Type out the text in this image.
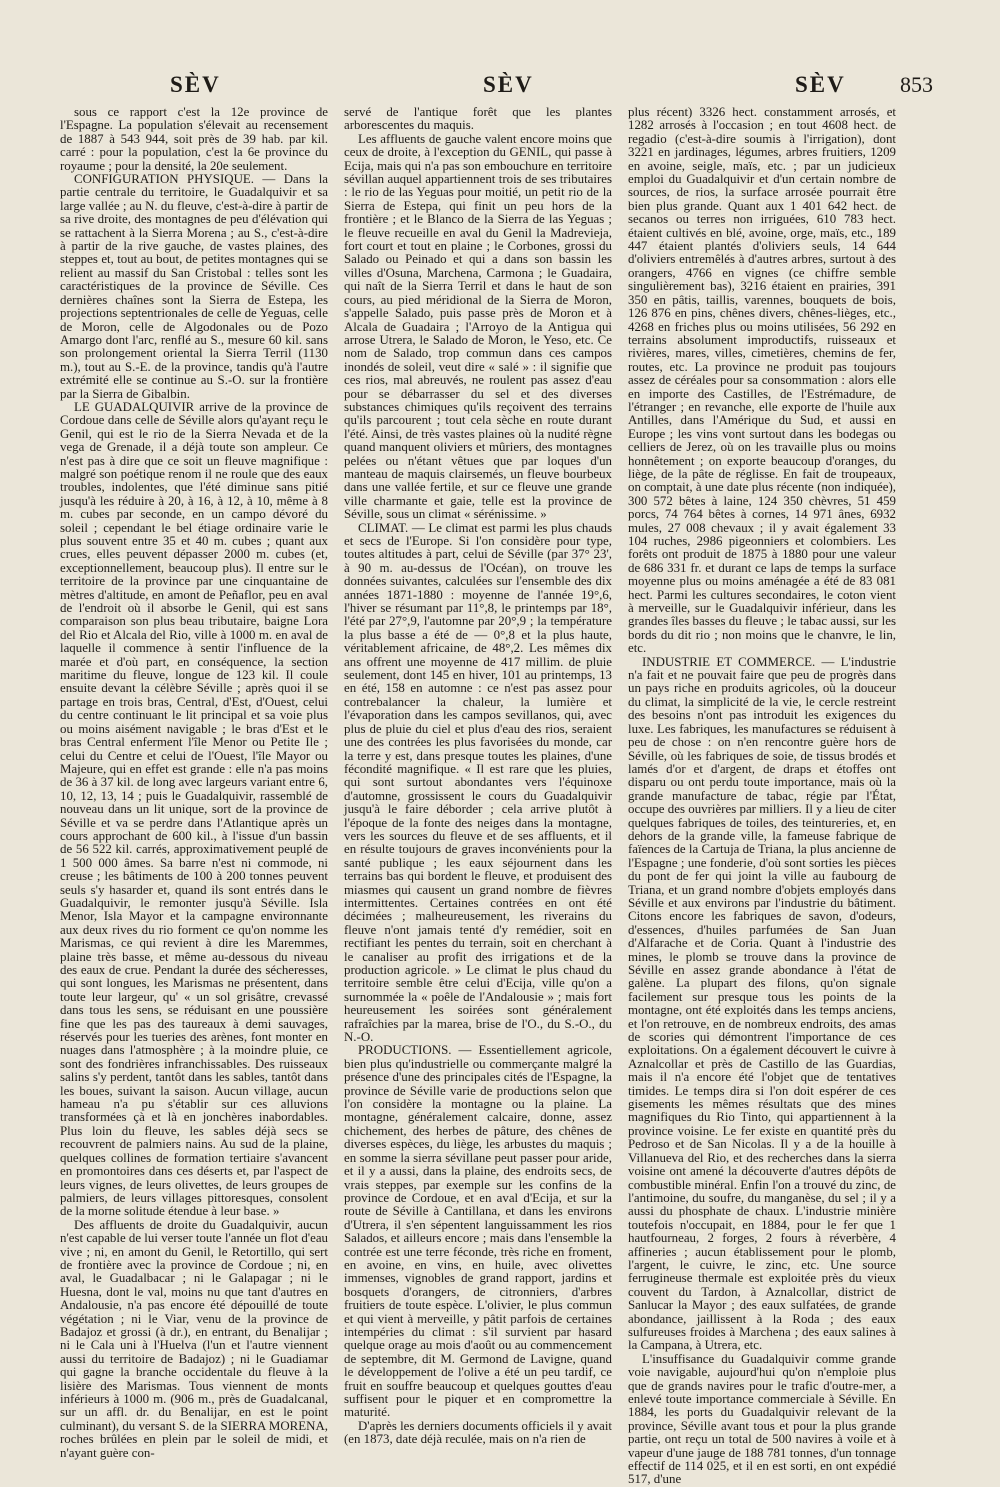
SÈV	SÈV	SÈV 853

sous ce rapport c'est la 12e province de l'Espagne. La population s'élevait au recensement de 1887 à 543 944, soit près de 39 hab. par kil. carré : pour la population, c'est la 6e province du royaume ; pour la densité, la 20e seulement.

CONFIGURATION PHYSIQUE. — Dans la partie centrale du territoire, le Guadalquivir et sa large vallée ; au N. du fleuve, c'est-à-dire à partir de sa rive droite, des montagnes de peu d'élévation qui se rattachent à la Sierra Morena ; au S., c'est-à-dire à partir de la rive gauche, de vastes plaines, des steppes et, tout au bout, de petites montagnes qui se relient au massif du San Cristobal : telles sont les caractéristiques de la province de Séville. Ces dernières chaînes sont la Sierra de Estepa, les projections septentrionales de celle de Yeguas, celle de Moron, celle de Algodonales ou de Pozo Amargo dont l'arc, renflé au S., mesure 60 kil. sans son prolongement oriental la Sierra Terril (1130 m.), tout au S.-E. de la province, tandis qu'à l'autre extrémité elle se continue au S.-O. sur la frontière par la Sierra de Gibalbin.

LE GUADALQUIVIR arrive de la province de Cordoue dans celle de Séville alors qu'ayant reçu le Genil, qui est le rio de la Sierra Nevada et de la vega de Grenade, il a déjà toute son ampleur. Ce n'est pas à dire que ce soit un fleuve magnifique : malgré son poétique renom il ne roule que des eaux troubles, indolentes, que l'été diminue sans pitié jusqu'à les réduire à 20, à 16, à 12, à 10, même à 8 m. cubes par seconde, en un campo dévoré du soleil ; cependant le bel étiage ordinaire varie le plus souvent entre 35 et 40 m. cubes ; quant aux crues, elles peuvent dépasser 2000 m. cubes (et, exceptionnellement, beaucoup plus). Il entre sur le territoire de la province par une cinquantaine de mètres d'altitude, en amont de Peñaflor, peu en aval de l'endroit où il absorbe le Genil, qui est sans comparaison son plus beau tributaire, baigne Lora del Rio et Alcala del Rio, ville à 1000 m. en aval de laquelle il commence à sentir l'influence de la marée et d'où part, en conséquence, la section maritime du fleuve, longue de 123 kil. Il coule ensuite devant la célèbre Séville ; après quoi il se partage en trois bras, Central, d'Est, d'Ouest, celui du centre continuant le lit principal et sa voie plus ou moins aisément navigable ; le bras d'Est et le bras Central enferment l'île Menor ou Petite Ile ; celui du Centre et celui de l'Ouest, l'île Mayor ou Majeure, qui en effet est grande : elle n'a pas moins de 36 à 37 kil. de long avec largeurs variant entre 6, 10, 12, 13, 14 ; puis le Guadalquivir, rassemblé de nouveau dans un lit unique, sort de la province de Séville et va se perdre dans l'Atlantique après un cours approchant de 600 kil., à l'issue d'un bassin de 56 522 kil. carrés, approximativement peuplé de 1 500 000 âmes. Sa barre n'est ni commode, ni creuse ; les bâtiments de 100 à 200 tonnes peuvent seuls s'y hasarder et, quand ils sont entrés dans le Guadalquivir, le remonter jusqu'à Séville. Isla Menor, Isla Mayor et la campagne environnante aux deux rives du rio forment ce qu'on nomme les Marismas, ce qui revient à dire les Maremmes, plaine très basse, et même au-dessous du niveau des eaux de crue. Pendant la durée des sécheresses, qui sont longues, les Marismas ne présentent, dans toute leur largeur, qu' « un sol grisâtre, crevassé dans tous les sens, se réduisant en une poussière fine que les pas des taureaux à demi sauvages, réservés pour les tueries des arènes, font monter en nuages dans l'atmosphère ; à la moindre pluie, ce sont des fondrières infranchissables. Des ruisseaux salins s'y perdent, tantôt dans les sables, tantôt dans les boues, suivant la saison. Aucun village, aucun hameau n'a pu s'établir sur ces alluvions transformées çà et là en jonchères inabordables. Plus loin du fleuve, les sables déjà secs se recouvrent de palmiers nains. Au sud de la plaine, quelques collines de formation tertiaire s'avancent en promontoires dans ces déserts et, par l'aspect de leurs vignes, de leurs olivettes, de leurs groupes de palmiers, de leurs villages pittoresques, consolent de la morne solitude étendue à leur base. »

Des affluents de droite du Guadalquivir, aucun n'est capable de lui verser toute l'année un flot d'eau vive ; ni, en amont du Genil, le Retortillo, qui sert de frontière avec la province de Cordoue ; ni, en aval, le Guadalbacar ; ni le Galapagar ; ni le Huesna, dont le val, moins nu que tant d'autres en Andalousie, n'a pas encore été dépouillé de toute végétation ; ni le Viar, venu de la province de Badajoz et grossi (à dr.), en entrant, du Benalijar ; ni le Cala uni à l'Huelva (l'un et l'autre viennent aussi du territoire de Badajoz) ; ni le Guadiamar qui gagne la branche occidentale du fleuve à la lisière des Marismas. Tous viennent de monts inférieurs à 1000 m. (906 m., près de Guadalcanal, sur un affl. dr. du Benalijar, en est le point culminant), du versant S. de la SIERRA MORENA, roches brûlées en plein par le soleil de midi, et n'ayant guère con-

servé de l'antique forêt que les plantes arborescentes du maquis.

Les affluents de gauche valent encore moins que ceux de droite, à l'exception du GENIL, qui passe à Ecija, mais qui n'a pas son embouchure en territoire sévillan auquel appartiennent trois de ses tributaires : le rio de las Yeguas pour moitié, un petit rio de la Sierra de Estepa, qui finit un peu hors de la frontière ; et le Blanco de la Sierra de las Yeguas ; le fleuve recueille en aval du Genil la Madrevieja, fort court et tout en plaine ; le Corbones, grossi du Salado ou Peinado et qui a dans son bassin les villes d'Osuna, Marchena, Carmona ; le Guadaira, qui naît de la Sierra Terril et dans le haut de son cours, au pied méridional de la Sierra de Moron, s'appelle Salado, puis passe près de Moron et à Alcala de Guadaira ; l'Arroyo de la Antigua qui arrose Utrera, le Salado de Moron, le Yeso, etc. Ce nom de Salado, trop commun dans ces campos inondés de soleil, veut dire « salé » : il signifie que ces rios, mal abreuvés, ne roulent pas assez d'eau pour se débarrasser du sel et des diverses substances chimiques qu'ils reçoivent des terrains qu'ils parcourent ; tout cela sèche en route durant l'été. Ainsi, de très vastes plaines où la nudité règne quand manquent oliviers et mûriers, des montagnes pelées ou n'étant vêtues que par loques d'un manteau de maquis clairsemés, un fleuve bourbeux dans une vallée fertile, et sur ce fleuve une grande ville charmante et gaie, telle est la province de Séville, sous un climat « sérénissime. »

CLIMAT. — Le climat est parmi les plus chauds et secs de l'Europe. Si l'on considère pour type, toutes altitudes à part, celui de Séville (par 37° 23', à 90 m. au-dessus de l'Océan), on trouve les données suivantes, calculées sur l'ensemble des dix années 1871-1880 : moyenne de l'année 19°,6, l'hiver se résumant par 11°,8, le printemps par 18°, l'été par 27°,9, l'automne par 20°,9 ; la température la plus basse a été de — 0°,8 et la plus haute, véritablement africaine, de 48°,2. Les mêmes dix ans offrent une moyenne de 417 millim. de pluie seulement, dont 145 en hiver, 101 au printemps, 13 en été, 158 en automne : ce n'est pas assez pour contrebalancer la chaleur, la lumière et l'évaporation dans les campos sevillanos, qui, avec plus de pluie du ciel et plus d'eau des rios, seraient une des contrées les plus favorisées du monde, car la terre y est, dans presque toutes les plaines, d'une fécondité magnifique. « Il est rare que les pluies, qui sont surtout abondantes vers l'équinoxe d'automne, grossissent le cours du Guadalquivir jusqu'à le faire déborder ; cela arrive plutôt à l'époque de la fonte des neiges dans la montagne, vers les sources du fleuve et de ses affluents, et il en résulte toujours de graves inconvénients pour la santé publique ; les eaux séjournent dans les terrains bas qui bordent le fleuve, et produisent des miasmes qui causent un grand nombre de fièvres intermittentes. Certaines contrées en ont été décimées ; malheureusement, les riverains du fleuve n'ont jamais tenté d'y remédier, soit en rectifiant les pentes du terrain, soit en cherchant à le canaliser au profit des irrigations et de la production agricole. » Le climat le plus chaud du territoire semble être celui d'Ecija, ville qu'on a surnommée la « poêle de l'Andalousie » ; mais fort heureusement les soirées sont généralement rafraîchies par la marea, brise de l'O., du S.-O., du N.-O.

PRODUCTIONS. — Essentiellement agricole, bien plus qu'industrielle ou commerçante malgré la présence d'une des principales cités de l'Espagne, la province de Séville varie de productions selon que l'on considère la montagne ou la plaine. La montagne, généralement calcaire, donne, assez chichement, des herbes de pâture, des chênes de diverses espèces, du liège, les arbustes du maquis ; en somme la sierra sévillane peut passer pour aride, et il y a aussi, dans la plaine, des endroits secs, de vrais steppes, par exemple sur les confins de la province de Cordoue, et en aval d'Ecija, et sur la route de Séville à Cantillana, et dans les environs d'Utrera, il s'en sépentent languissamment les rios Salados, et ailleurs encore ; mais dans l'ensemble la contrée est une terre féconde, très riche en froment, en avoine, en vins, en huile, avec olivettes immenses, vignobles de grand rapport, jardins et bosquets d'orangers, de citronniers, d'arbres fruitiers de toute espèce. L'olivier, le plus commun et qui vient à merveille, y pâtit parfois de certaines intempéries du climat : s'il survient par hasard quelque orage au mois d'août ou au commencement de septembre, dit M. Germond de Lavigne, quand le développement de l'olive a été un peu tardif, ce fruit en souffre beaucoup et quelques gouttes d'eau suffisent pour le piquer et en compromettre la maturité.

D'après les derniers documents officiels il y avait (en 1873, date déjà reculée, mais on n'a rien de

plus récent) 3326 hect. constamment arrosés, et 1282 arrosés à l'occasion ; en tout 4608 hect. de regadio (c'est-à-dire soumis à l'irrigation), dont 3221 en jardinages, légumes, arbres fruitiers, 1209 en avoine, seigle, maïs, etc. ; par un judicieux emploi du Guadalquivir et d'un certain nombre de sources, de rios, la surface arrosée pourrait être bien plus grande. Quant aux 1 401 642 hect. de secanos ou terres non irriguées, 610 783 hect. étaient cultivés en blé, avoine, orge, maïs, etc., 189 447 étaient plantés d'oliviers seuls, 14 644 d'oliviers entremêlés à d'autres arbres, surtout à des orangers, 4766 en vignes (ce chiffre semble singulièrement bas), 3216 étaient en prairies, 391 350 en pâtis, taillis, varennes, bouquets de bois, 126 876 en pins, chênes divers, chênes-lièges, etc., 4268 en friches plus ou moins utilisées, 56 292 en terrains absolument improductifs, ruisseaux et rivières, mares, villes, cimetières, chemins de fer, routes, etc. La province ne produit pas toujours assez de céréales pour sa consommation : alors elle en importe des Castilles, de l'Estrémadure, de l'étranger ; en revanche, elle exporte de l'huile aux Antilles, dans l'Amérique du Sud, et aussi en Europe ; les vins vont surtout dans les bodegas ou celliers de Jerez, où on les travaille plus ou moins honnêtement ; on exporte beaucoup d'oranges, du liège, de la pâte de réglisse. En fait de troupeaux, on comptait, à une date plus récente (non indiquée), 300 572 bêtes à laine, 124 350 chèvres, 51 459 porcs, 74 764 bêtes à cornes, 14 971 ânes, 6932 mules, 27 008 chevaux ; il y avait également 33 104 ruches, 2986 pigeonniers et colombiers. Les forêts ont produit de 1875 à 1880 pour une valeur de 686 331 fr. et durant ce laps de temps la surface moyenne plus ou moins aménagée a été de 83 081 hect. Parmi les cultures secondaires, le coton vient à merveille, sur le Guadalquivir inférieur, dans les grandes îles basses du fleuve ; le tabac aussi, sur les bords du dit rio ; non moins que le chanvre, le lin, etc.

INDUSTRIE ET COMMERCE. — L'industrie n'a fait et ne pouvait faire que peu de progrès dans un pays riche en produits agricoles, où la douceur du climat, la simplicité de la vie, le cercle restreint des besoins n'ont pas introduit les exigences du luxe. Les fabriques, les manufactures se réduisent à peu de chose : on n'en rencontre guère hors de Séville, où les fabriques de soie, de tissus brodés et lamés d'or et d'argent, de draps et étoffes ont disparu ou ont perdu toute importance, mais où la grande manufacture de tabac, régie par l'État, occupe des ouvrières par milliers. Il y a lieu de citer quelques fabriques de toiles, des teintureries, et, en dehors de la grande ville, la fameuse fabrique de faïences de la Cartuja de Triana, la plus ancienne de l'Espagne ; une fonderie, d'où sont sorties les pièces du pont de fer qui joint la ville au faubourg de Triana, et un grand nombre d'objets employés dans Séville et aux environs par l'industrie du bâtiment. Citons encore les fabriques de savon, d'odeurs, d'essences, d'huiles parfumées de San Juan d'Alfarache et de Coria. Quant à l'industrie des mines, le plomb se trouve dans la province de Séville en assez grande abondance à l'état de galène. La plupart des filons, qu'on signale facilement sur presque tous les points de la montagne, ont été exploités dans les temps anciens, et l'on retrouve, en de nombreux endroits, des amas de scories qui démontrent l'importance de ces exploitations. On a également découvert le cuivre à Aznalcollar et près de Castillo de las Guardias, mais il n'a encore été l'objet que de tentatives timides. Le temps dira si l'on doit espérer de ces gisements les mêmes résultats que des mines magnifiques du Rio Tinto, qui appartiennent à la province voisine. Le fer existe en quantité près du Pedroso et de San Nicolas. Il y a de la houille à Villanueva del Rio, et des recherches dans la sierra voisine ont amené la découverte d'autres dépôts de combustible minéral. Enfin l'on a trouvé du zinc, de l'antimoine, du soufre, du manganèse, du sel ; il y a aussi du phosphate de chaux. L'industrie minière toutefois n'occupait, en 1884, pour le fer que 1 hautfourneau, 2 forges, 2 fours à réverbère, 4 affineries ; aucun établissement pour le plomb, l'argent, le cuivre, le zinc, etc. Une source ferrugineuse thermale est exploitée près du vieux couvent du Tardon, à Aznalcollar, district de Sanlucar la Mayor ; des eaux sulfatées, de grande abondance, jaillissent à la Roda ; des eaux sulfureuses froides à Marchena ; des eaux salines à la Campana, à Utrera, etc.

L'insuffisance du Guadalquivir comme grande voie navigable, aujourd'hui qu'on n'emploie plus que de grands navires pour le trafic d'outre-mer, a enlevé toute importance commerciale à Séville. En 1884, les ports du Guadalquivir relevant de la province, Séville avant tous et pour la plus grande partie, ont reçu un total de 500 navires à voile et à vapeur d'une jauge de 188 781 tonnes, d'un tonnage effectif de 114 025, et il en est sorti, en ont expédié 517, d'une
